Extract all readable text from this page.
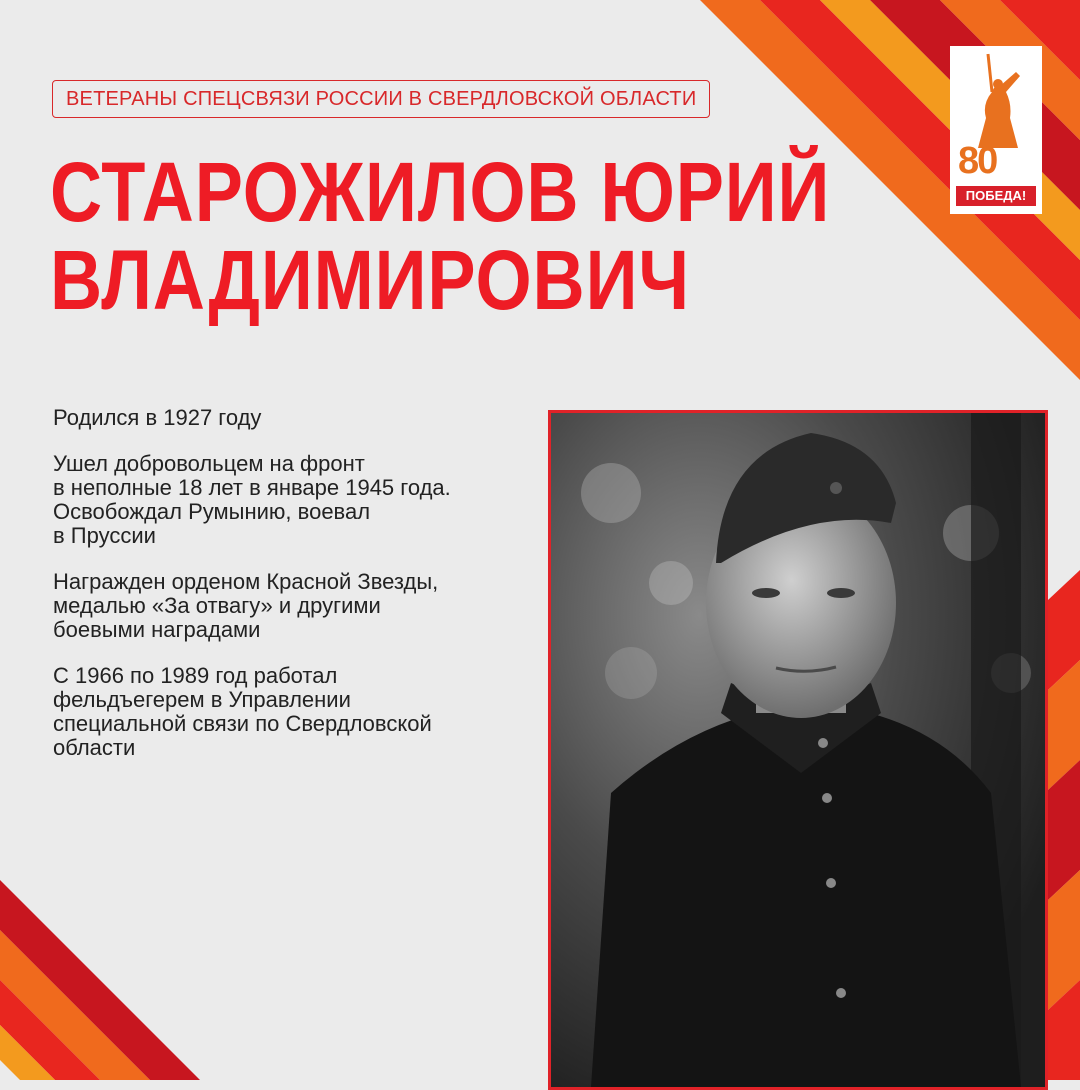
ВЕТЕРАНЫ СПЕЦСВЯЗИ РОССИИ В СВЕРДЛОВСКОЙ ОБЛАСТИ
СТАРОЖИЛОВ ЮРИЙ
ВЛАДИМИРОВИЧ

Родился в 1927 году

Ушел добровольцем на фронт
в неполные 18 лет в январе 1945 года.
Освобождал Румынию, воевал
в Пруссии

Награжден орденом Красной Звезды,
медалью «За отвагу» и другими
боевыми наградами

С 1966 по 1989 год работал
фельдъегерем в Управлении
специальной связи по Свердловской
области

80
ПОБЕДА!
